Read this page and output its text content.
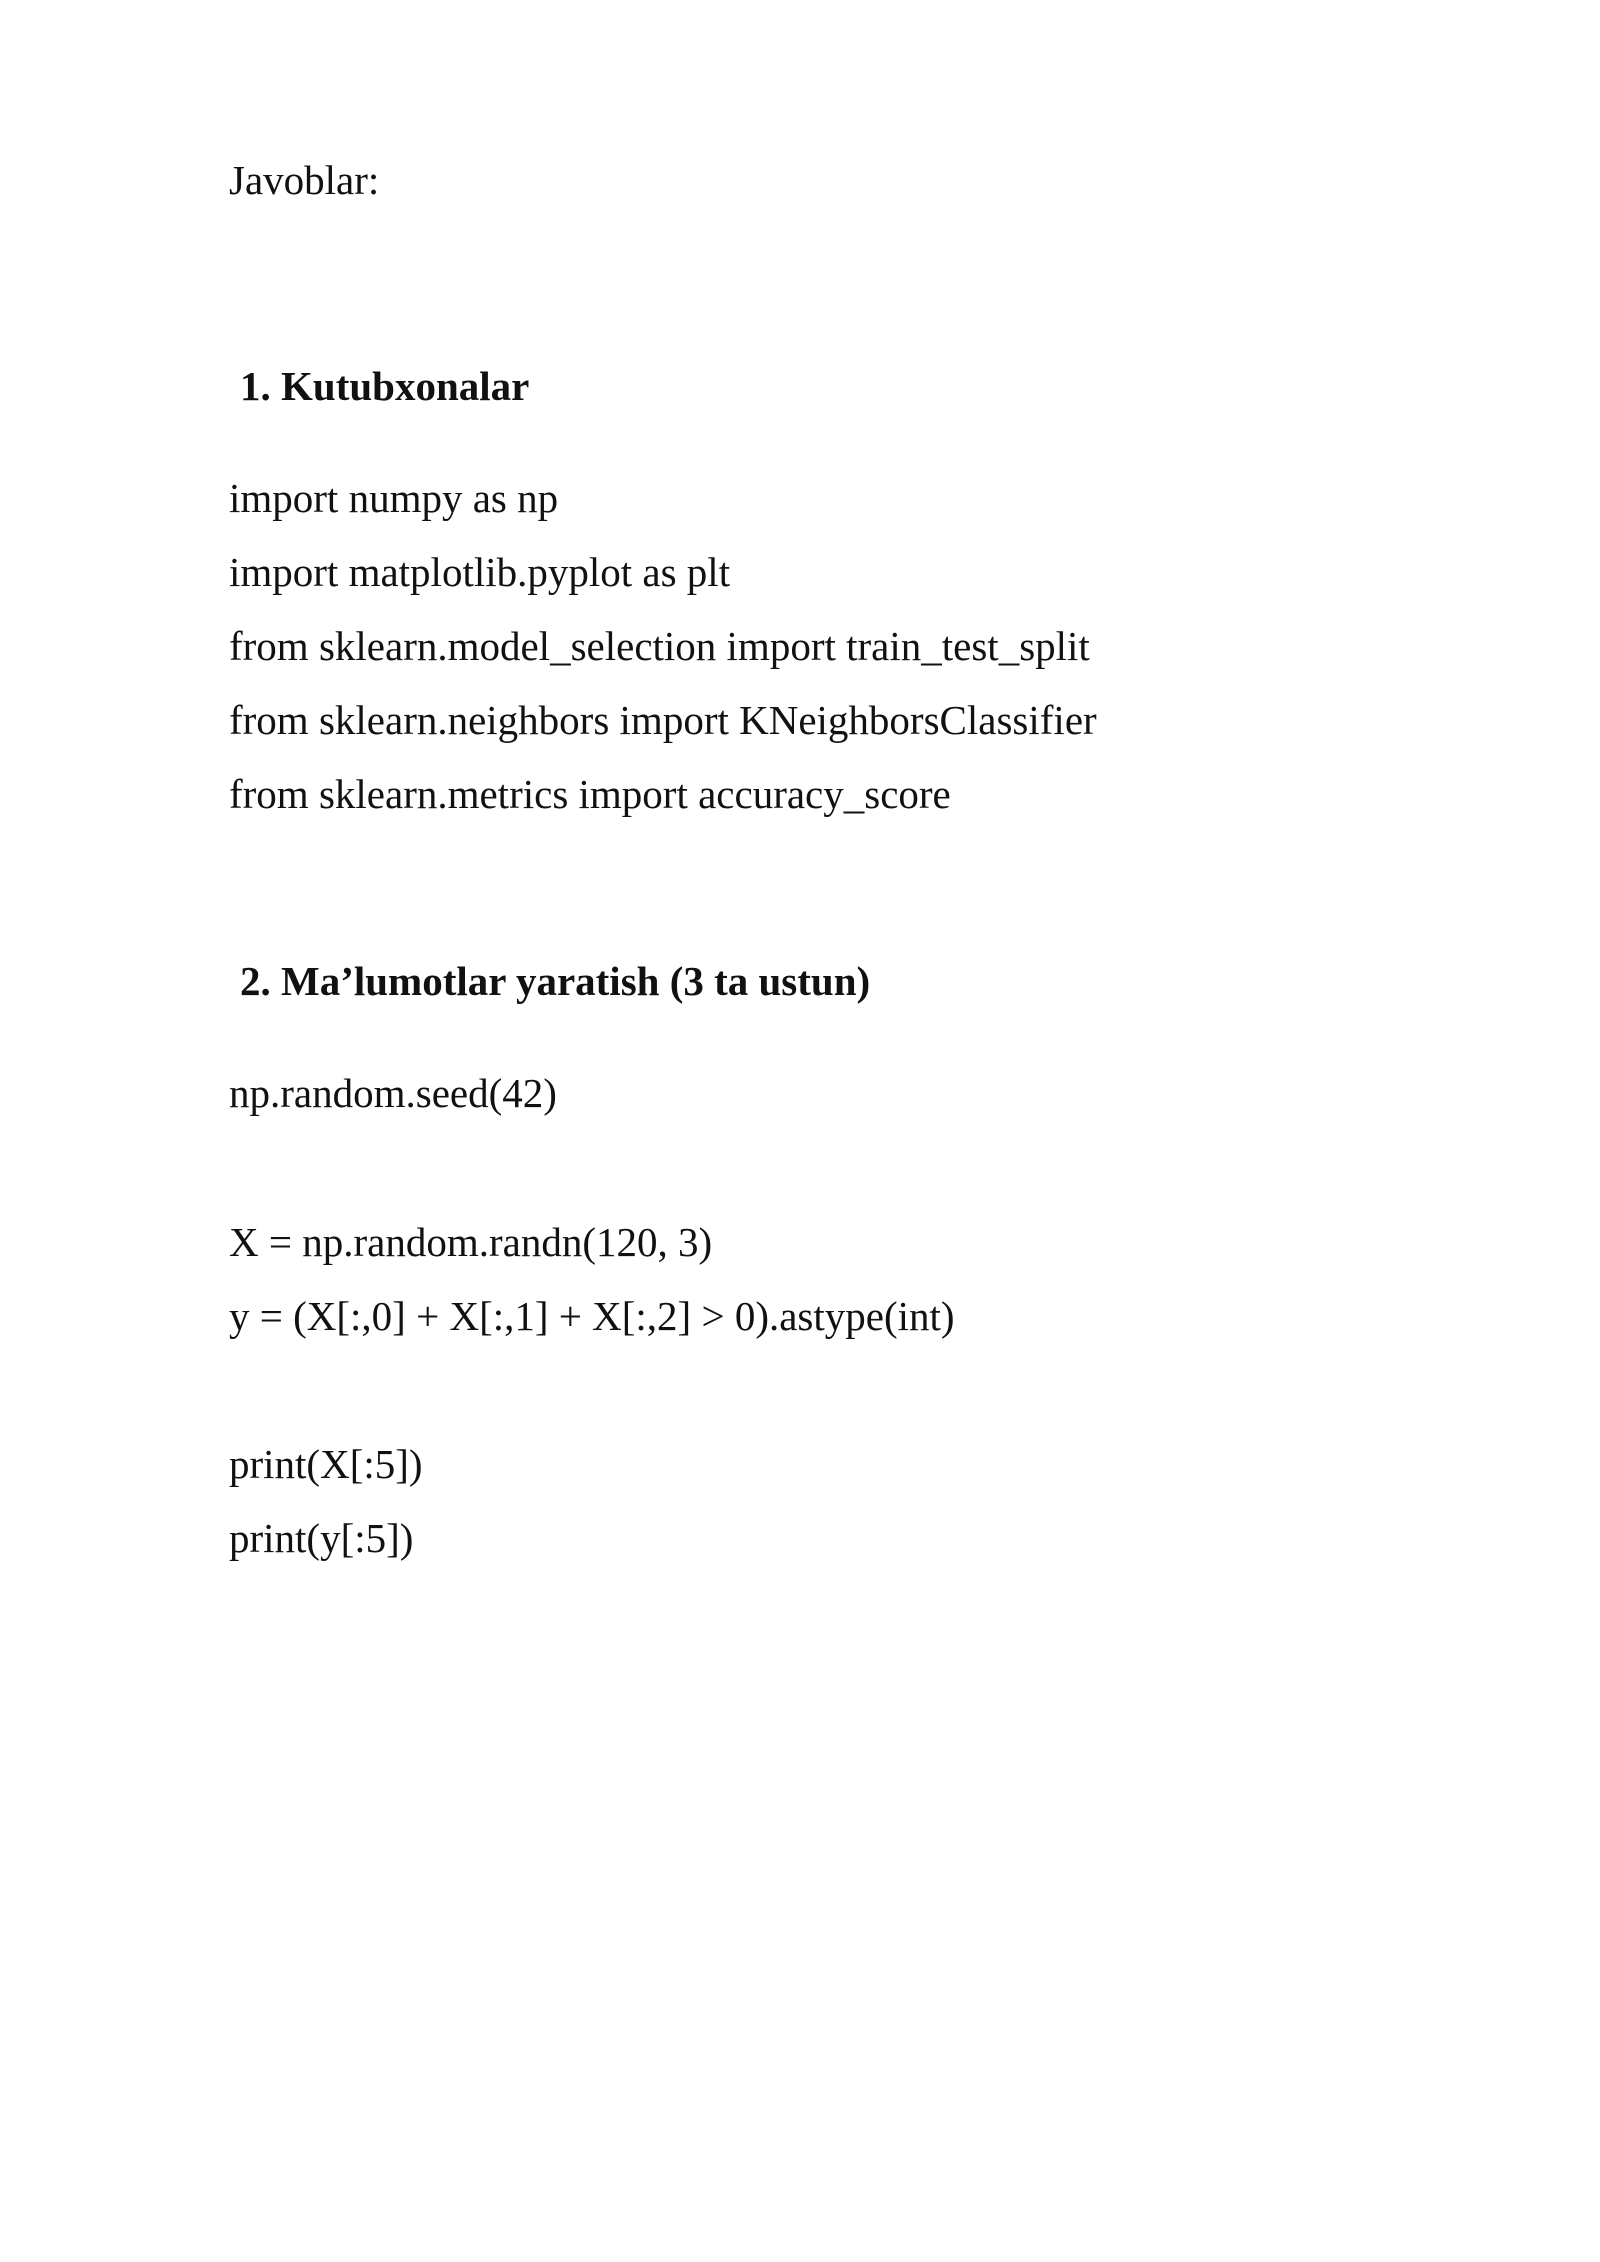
Javoblar:
1. Kutubxonalar
import numpy as np
import matplotlib.pyplot as plt
from sklearn.model_selection import train_test_split
from sklearn.neighbors import KNeighborsClassifier
from sklearn.metrics import accuracy_score
2. Ma’lumotlar yaratish (3 ta ustun)
np.random.seed(42)
X = np.random.randn(120, 3)
y = (X[:,0] + X[:,1] + X[:,2] > 0).astype(int)
print(X[:5])
print(y[:5])
